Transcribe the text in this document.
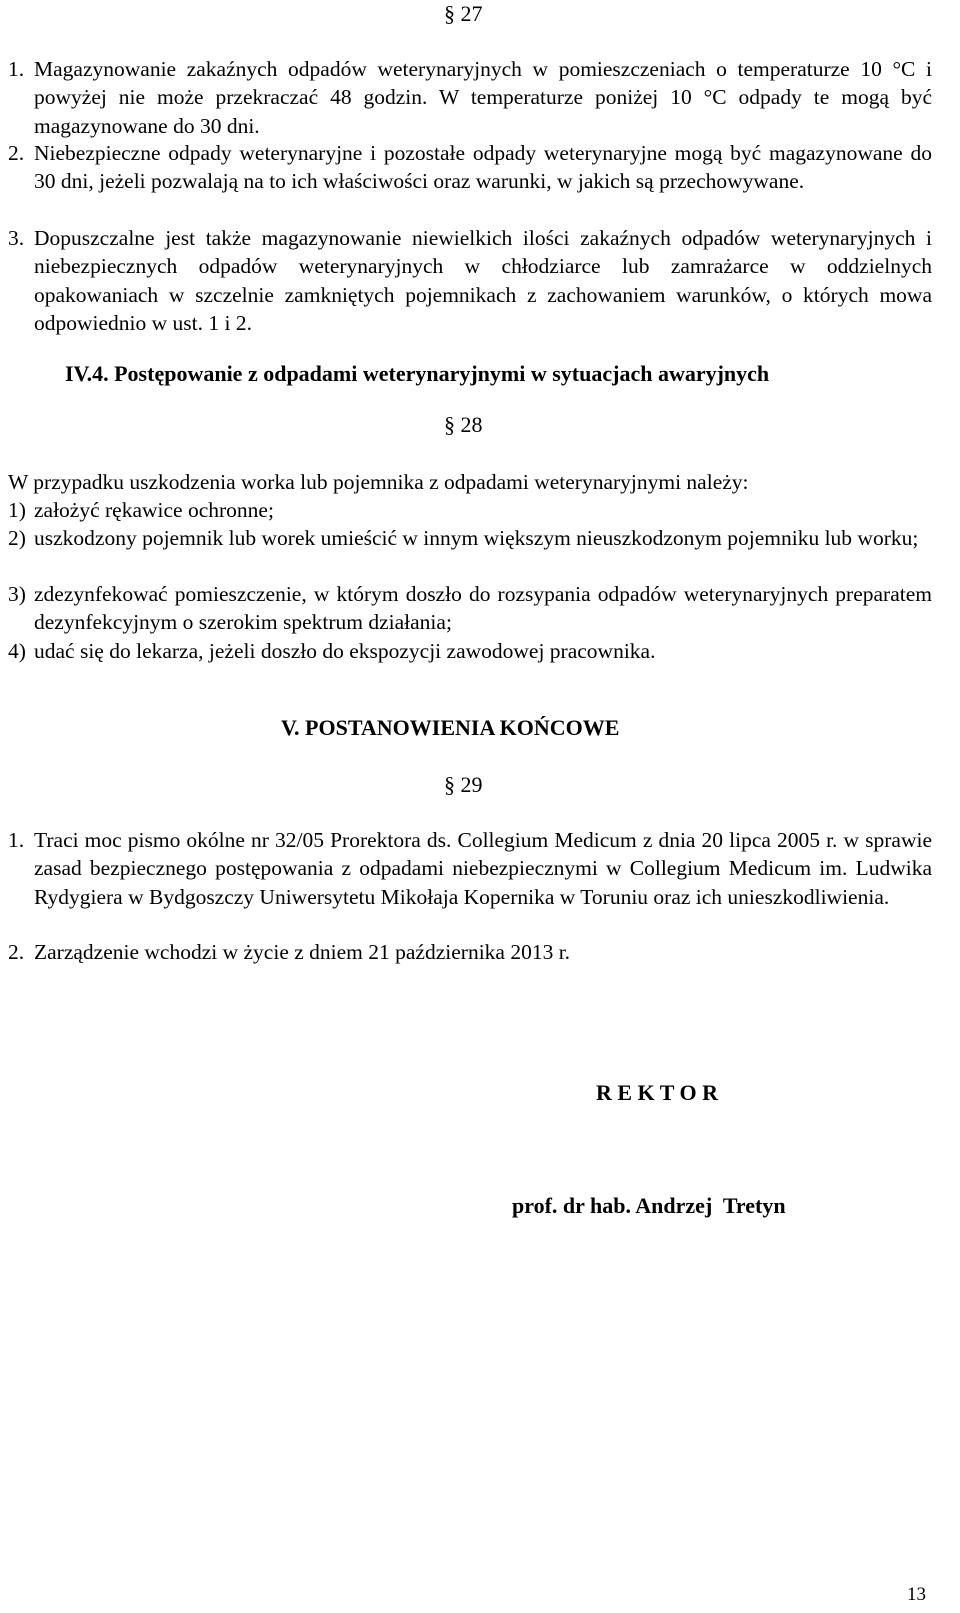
§ 27
1. Magazynowanie zakaźnych odpadów weterynaryjnych w pomieszczeniach o temperaturze 10 °C i powyżej nie może przekraczać 48 godzin. W temperaturze poniżej 10 °C odpady te mogą być magazynowane do 30 dni.
2. Niebezpieczne odpady weterynaryjne i pozostałe odpady weterynaryjne mogą być magazynowane do 30 dni, jeżeli pozwalają na to ich właściwości oraz warunki, w jakich są przechowywane.
3. Dopuszczalne jest także magazynowanie niewielkich ilości zakaźnych odpadów weterynaryjnych i niebezpiecznych odpadów weterynaryjnych w chłodziarce lub zamrażarce w oddzielnych opakowaniach w szczelnie zamkniętych pojemnikach z zachowaniem warunków, o których mowa odpowiednio w ust. 1 i 2.
IV.4. Postępowanie z odpadami weterynaryjnymi w sytuacjach awaryjnych
§ 28
W przypadku uszkodzenia worka lub pojemnika z odpadami weterynaryjnymi należy:
1) założyć rękawice ochronne;
2) uszkodzony pojemnik lub worek umieścić w innym większym nieuszkodzonym pojemniku lub worku;
3) zdezynfekować pomieszczenie, w którym doszło do rozsypania odpadów weterynaryjnych preparatem dezynfekcyjnym o szerokim spektrum działania;
4) udać się do lekarza, jeżeli doszło do ekspozycji zawodowej pracownika.
V. POSTANOWIENIA KOŃCOWE
§ 29
1. Traci moc pismo okólne nr 32/05 Prorektora ds. Collegium Medicum z dnia 20 lipca 2005 r. w sprawie zasad bezpiecznego postępowania z odpadami niebezpiecznymi w Collegium Medicum im. Ludwika Rydygiera w Bydgoszczy Uniwersytetu Mikołaja Kopernika w Toruniu oraz ich unieszkodliwienia.
2. Zarządzenie wchodzi w życie z dniem 21 października 2013 r.
R E K T O R
prof. dr hab. Andrzej  Tretyn
13
